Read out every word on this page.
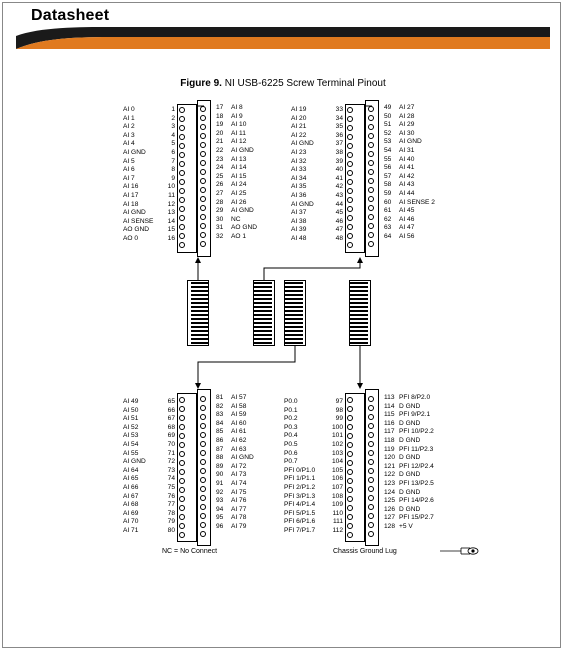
Datasheet
Figure 9. NI USB-6225 Screw Terminal Pinout
AI 0
AI 1
AI 2
AI 3
AI 4
AI GND
AI 5
AI 6
AI 7
AI 16
AI 17
AI 18
AI GND
AI SENSE
AO GND
AO 0
1
2
3
4
5
6
7
8
9
10
11
12
13
14
15
16
17
18
19
20
21
22
23
24
25
26
27
28
29
30
31
32
AI 8
AI 9
AI 10
AI 11
AI 12
AI GND
AI 13
AI 14
AI 15
AI 24
AI 25
AI 26
AI GND
NC
AO GND
AO 1
AI 19
AI 20
AI 21
AI 22
AI GND
AI 23
AI 32
AI 33
AI 34
AI 35
AI 36
AI GND
AI 37
AI 38
AI 39
AI 48
33
34
35
36
37
38
39
40
41
42
43
44
45
46
47
48
49
50
51
52
53
54
55
56
57
58
59
60
61
62
63
64
AI 27
AI 28
AI 29
AI 30
AI GND
AI 31
AI 40
AI 41
AI 42
AI 43
AI 44
AI SENSE 2
AI 45
AI 46
AI 47
AI 56
AI 49
AI 50
AI 51
AI 52
AI 53
AI 54
AI 55
AI GND
AI 64
AI 65
AI 66
AI 67
AI 68
AI 69
AI 70
AI 71
65
66
67
68
69
70
71
72
73
74
75
76
77
78
79
80
81
82
83
84
85
86
87
88
89
90
91
92
93
94
95
96
AI 57
AI 58
AI 59
AI 60
AI 61
AI 62
AI 63
AI GND
AI 72
AI 73
AI 74
AI 75
AI 76
AI 77
AI 78
AI 79
P0.0
P0.1
P0.2
P0.3
P0.4
P0.5
P0.6
P0.7
PFI 0/P1.0
PFI 1/P1.1
PFI 2/P1.2
PFI 3/P1.3
PFI 4/P1.4
PFI 5/P1.5
PFI 6/P1.6
PFI 7/P1.7
97
98
99
100
101
102
103
104
105
106
107
108
109
110
111
112
113
114
115
116
117
118
119
120
121
122
123
124
125
126
127
128
PFI 8/P2.0
D GND
PFI 9/P2.1
D GND
PFI 10/P2.2
D GND
PFI 11/P2.3
D GND
PFI 12/P2.4
D GND
PFI 13/P2.5
D GND
PFI 14/P2.6
D GND
PFI 15/P2.7
+5 V
NC = No Connect	Chassis Ground Lug
